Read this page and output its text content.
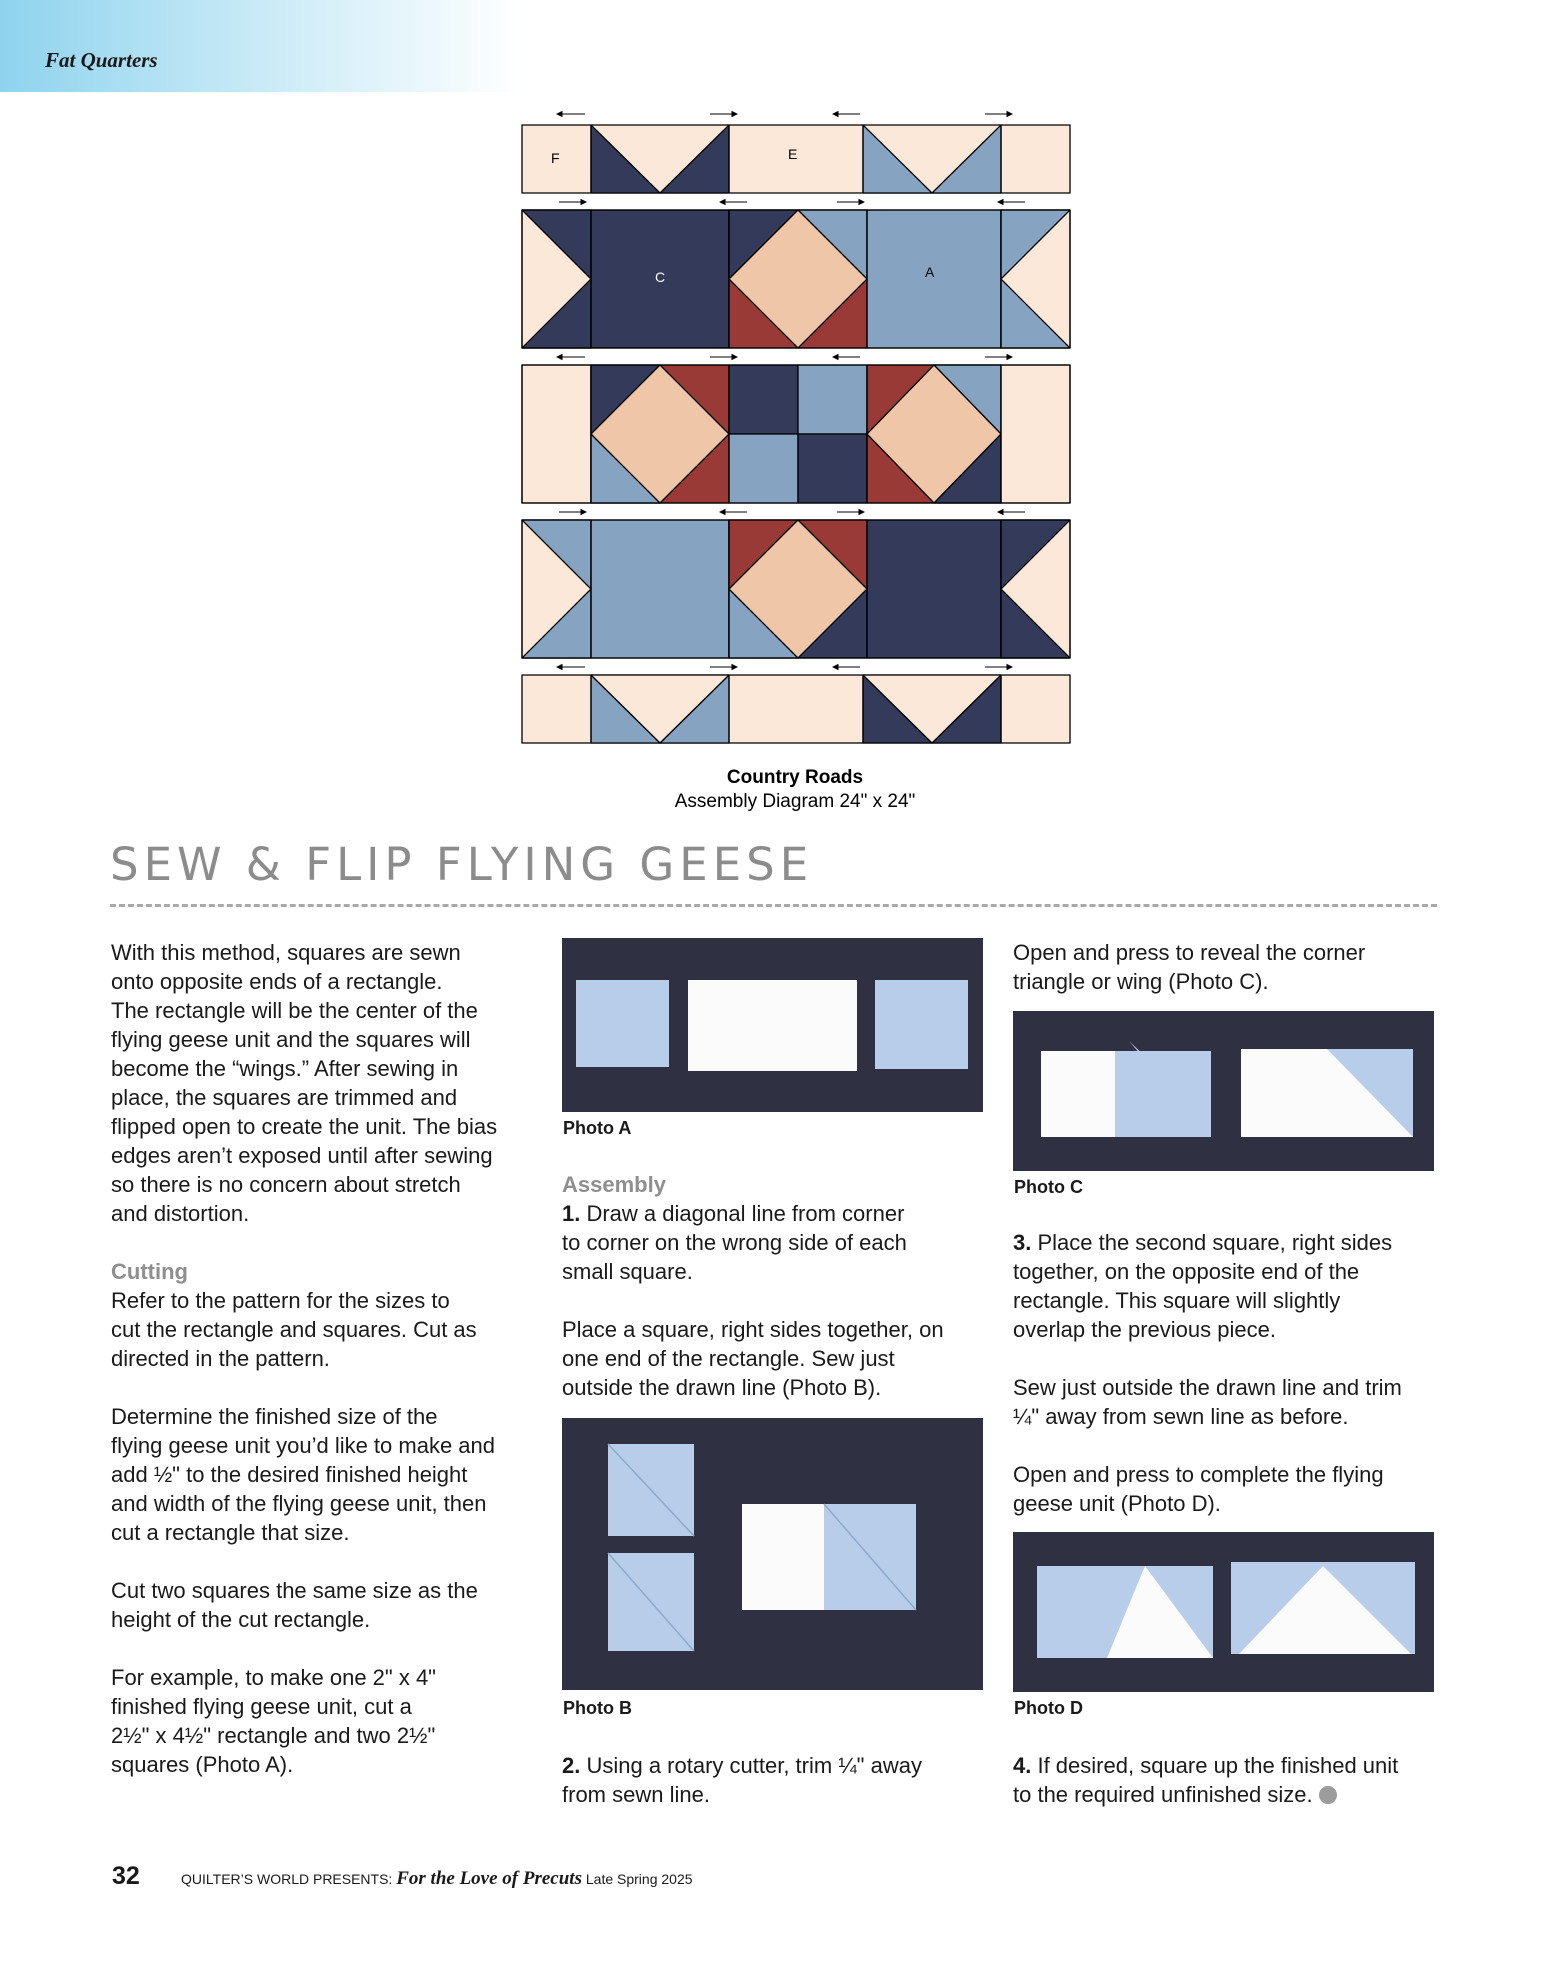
Fat Quarters
F	E
C	A
Country Roads
Assembly Diagram 24" x 24"
SEW & FLIP FLYING GEESE

With this method, squares are sewn
onto opposite ends of a rectangle.
The rectangle will be the center of the
flying geese unit and the squares will
become the “wings.” After sewing in
place, the squares are trimmed and
flipped open to create the unit. The bias
edges aren’t exposed until after sewing
so there is no concern about stretch
and distortion.

Cutting

Refer to the pattern for the sizes to
cut the rectangle and squares. Cut as
directed in the pattern.

Determine the finished size of the
flying geese unit you’d like to make and
add ½" to the desired finished height
and width of the flying geese unit, then
cut a rectangle that size.

Cut two squares the same size as the
height of the cut rectangle.

For example, to make one 2" x 4"
finished flying geese unit, cut a
2½" x 4½" rectangle and two 2½"
squares (Photo A).

Photo A
Assembly

1. Draw a diagonal line from corner
to corner on the wrong side of each
small square.

Place a square, right sides together, on
one end of the rectangle. Sew just
outside the drawn line (Photo B).

Photo B

2. Using a rotary cutter, trim ¼" away
from sewn line.

Open and press to reveal the corner
triangle or wing (Photo C).

Photo C

3. Place the second square, right sides
together, on the opposite end of the
rectangle. This square will slightly
overlap the previous piece.

Sew just outside the drawn line and trim
¼" away from sewn line as before.

Open and press to complete the flying
geese unit (Photo D).

Photo D

4. If desired, square up the finished unit
to the required unfinished size.

32	QUILTER’S WORLD PRESENTS: For the Love of Precuts Late Spring 2025
